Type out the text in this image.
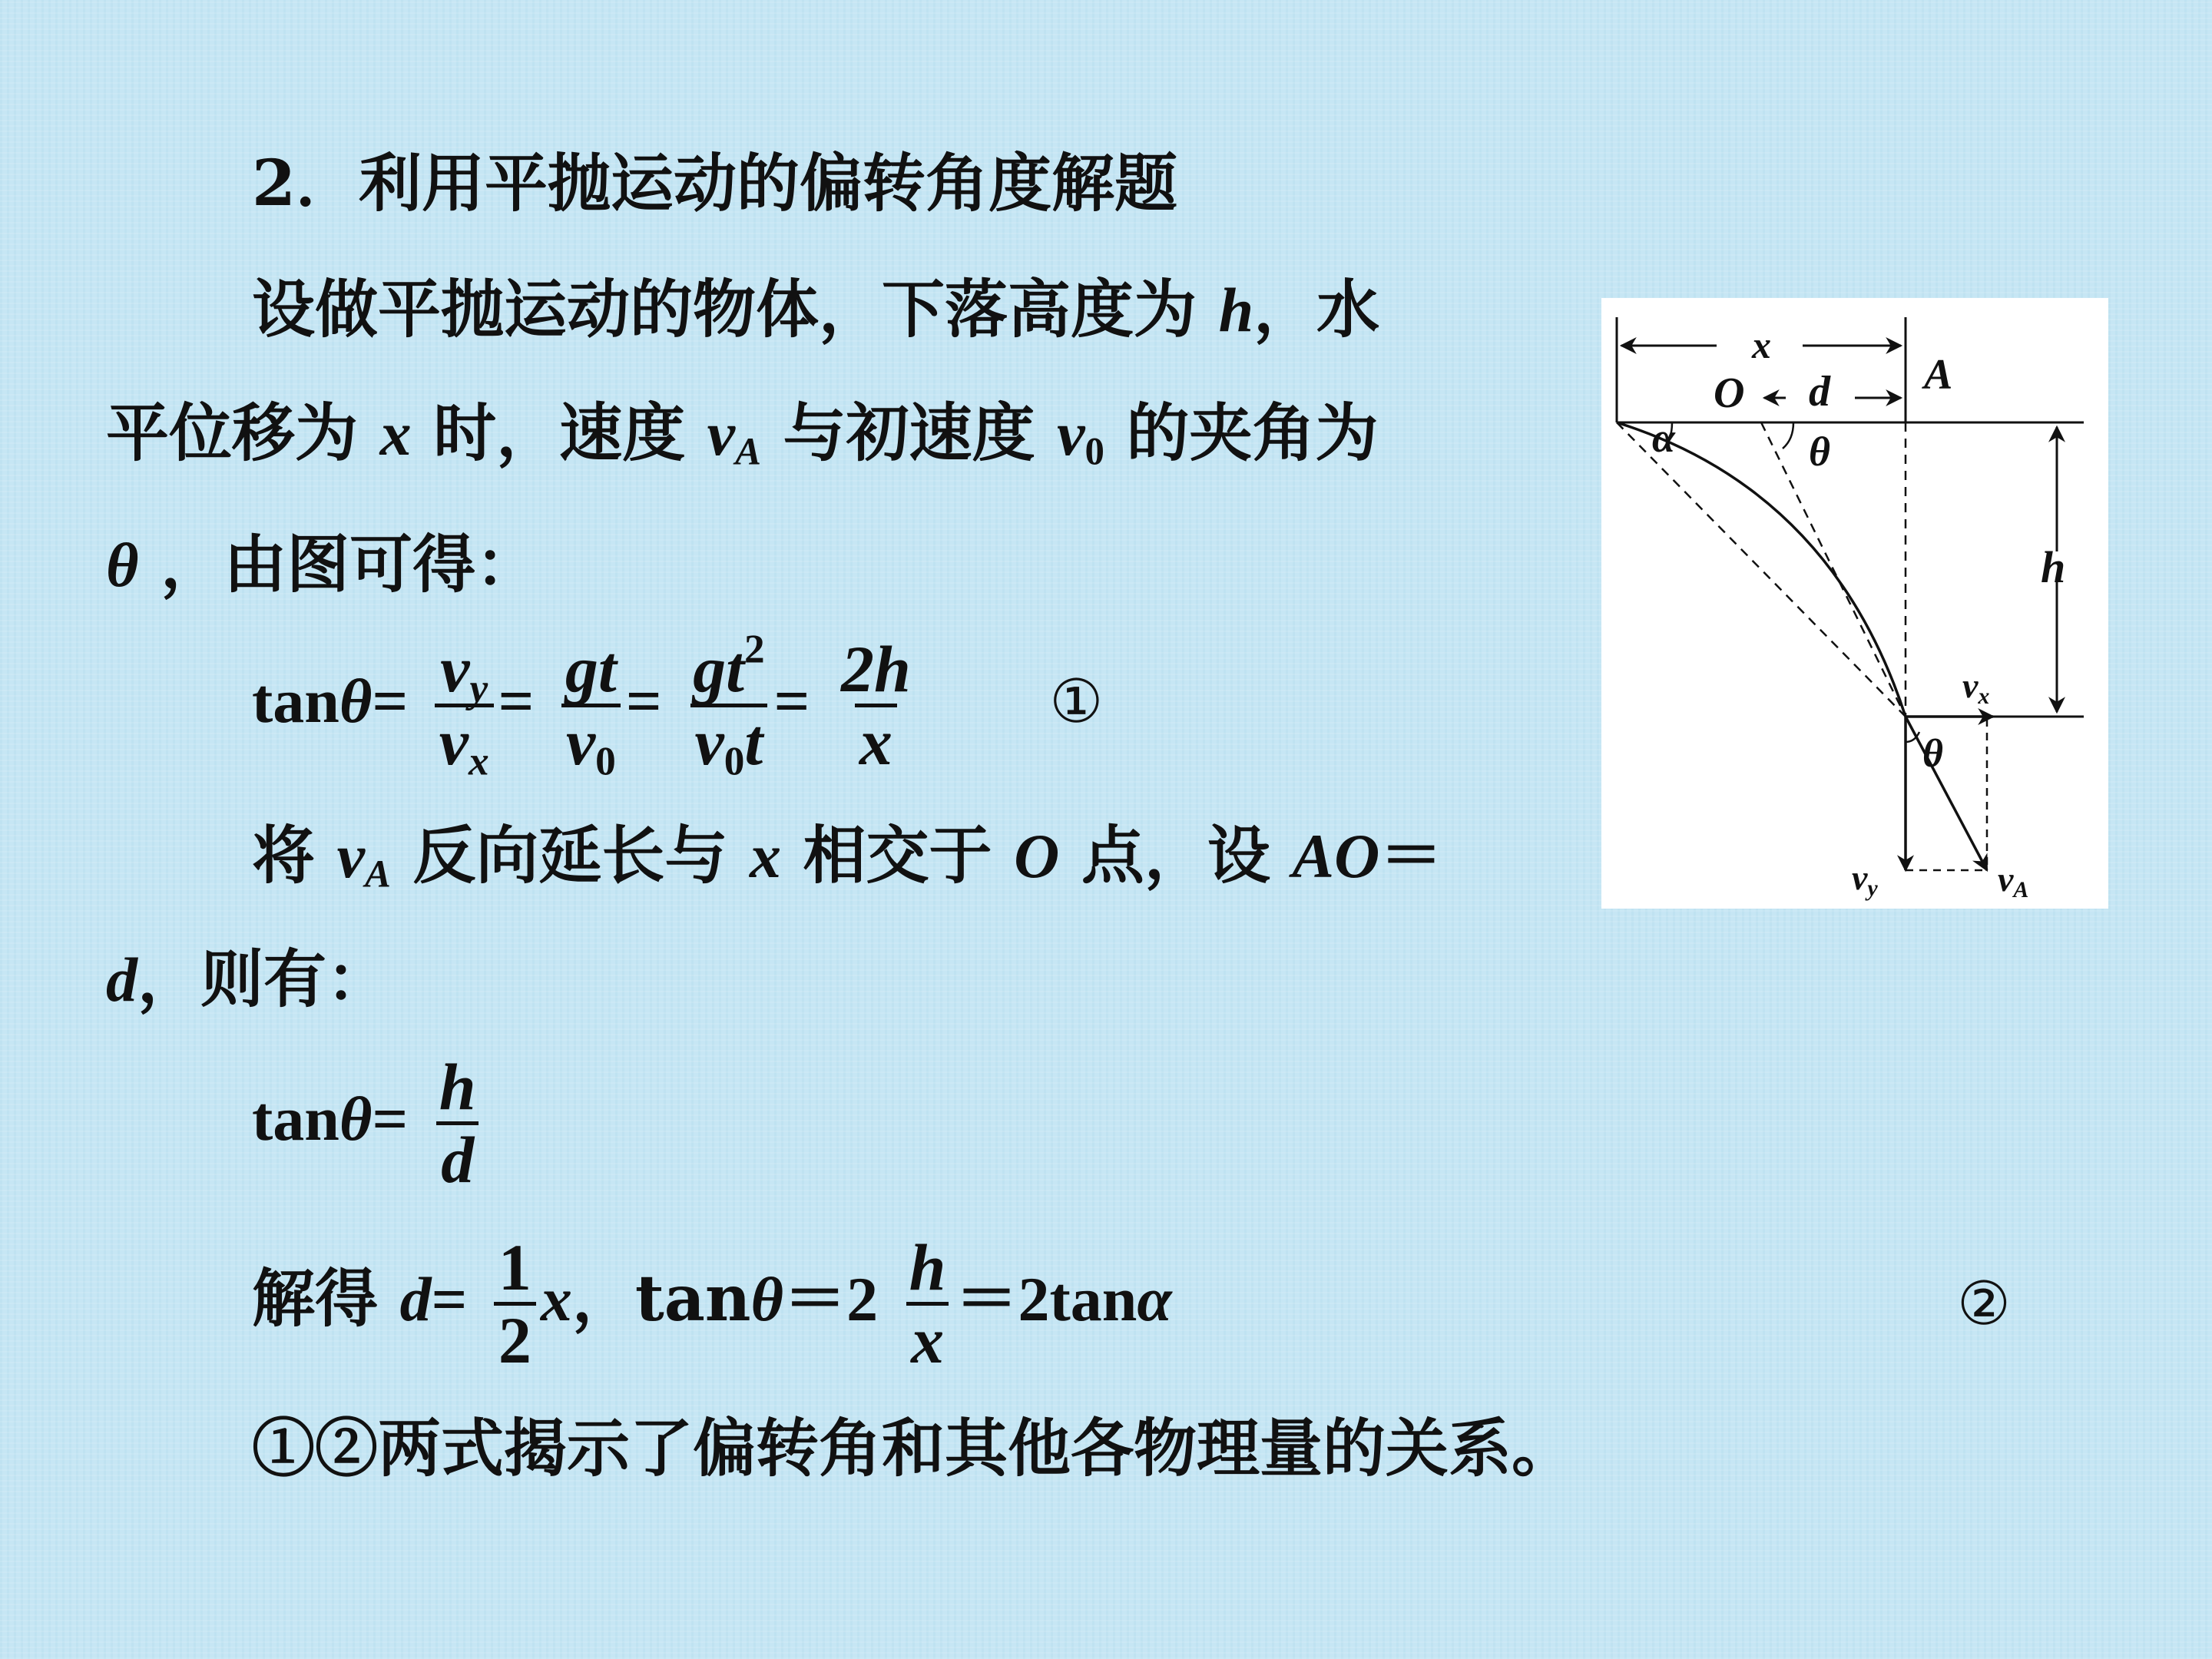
2．利用平抛运动的偏转角度解题
设做平抛运动的物体，下落高度为 h，水
平位移为 x 时，速度 $v_A$ 与初速度 $v_0$ 的夹角为
θ ，由图可得：
$\tan\theta= \frac{v_y}{v_x} = \frac{gt}{v_0} = \frac{gt^2}{v_0t} = \frac{2h}{x}$ ①
将 $v_A$ 反向延长与 x 相交于 O 点，设 AO＝
d，则有：
$\tan\theta= \frac{h}{d}$
解得 $d= \frac{1}{2}$ x，$\tan\theta=2 \frac{h}{x} =2\tan\alpha$	②
①②两式揭示了偏转角和其他各物理量的关系。
x
O d A
α	θ
h
vx
θ
vy	vA
